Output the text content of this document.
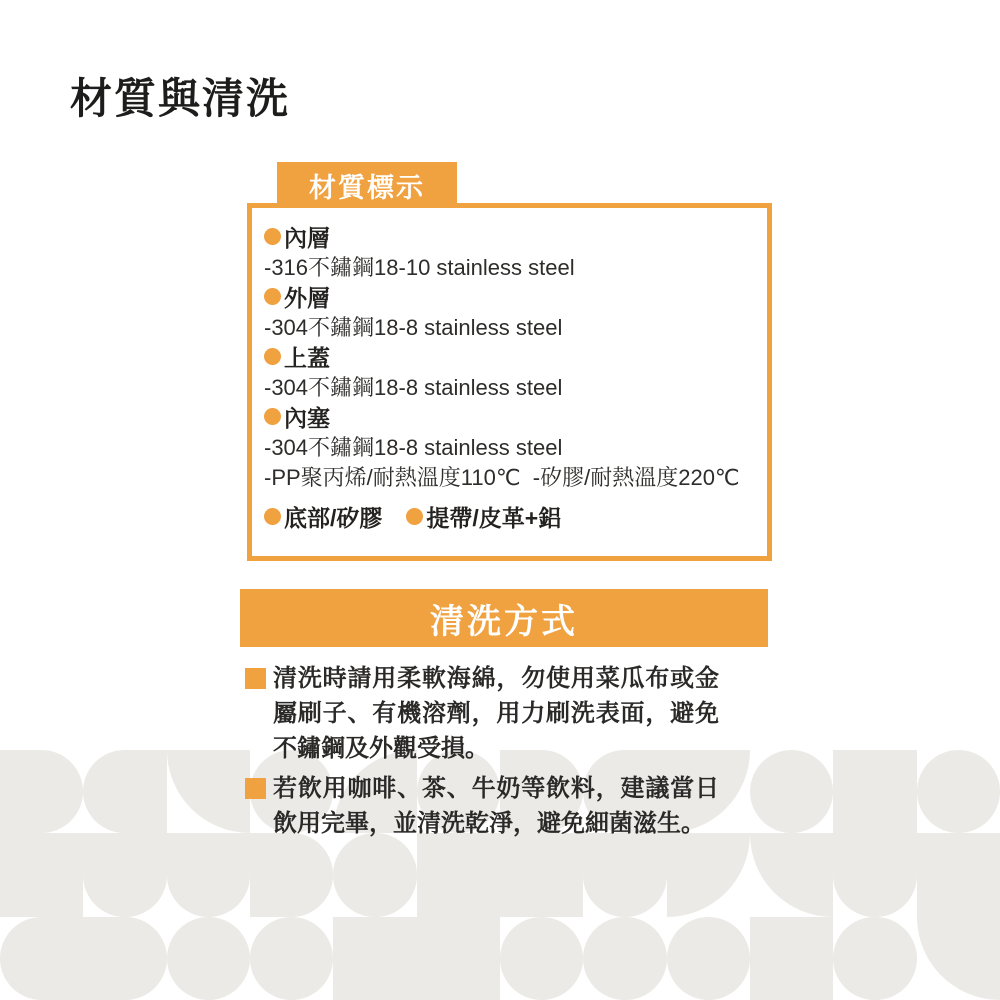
材質與清洗
材質標示
內層
-316不鏽鋼18-10 stainless steel
外層
-304不鏽鋼18-8 stainless steel
上蓋
-304不鏽鋼18-8 stainless steel
內塞
-304不鏽鋼18-8 stainless steel
-PP聚丙烯/耐熱溫度110℃  -矽膠/耐熱溫度220℃
底部/矽膠 提帶/皮革+鋁
清洗方式
清洗時請用柔軟海綿，勿使用菜瓜布或金屬刷子、有機溶劑，用力刷洗表面，避免不鏽鋼及外觀受損。
若飲用咖啡、茶、牛奶等飲料，建議當日飲用完畢，並清洗乾淨，避免細菌滋生。
